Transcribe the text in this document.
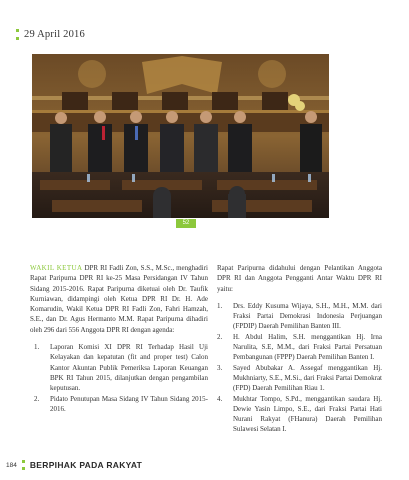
29 April 2016
52

WAKIL KETUA DPR RI Fadli Zon, S.S., M.Sc., menghadiri Rapat Paripurna DPR RI ke-25 Masa Persidangan IV Tahun Sidang 2015-2016. Rapat Paripurna diketuai oleh Dr. Taufik Kurniawan, didampingi oleh Ketua DPR RI Dr. H. Ade Komarudin, Wakil Ketua DPR RI Fadli Zon, Fahri Hamzah, S.E., dan Dr. Agus Hermanto M.M. Rapat Paripurna dihadiri oleh 296 dari 556 Anggota DPR RI dengan agenda:

1.	Laporan Komisi XI DPR RI Terhadap Hasil Uji Kelayakan dan kepatutan (fit and proper test) Calon Kantor Akuntan Publik Pemeriksa Laporan Keuangan BPK RI Tahun 2015, dilanjutkan dengan pengambilan keputusan.
2.	Pidato Penutupan Masa Sidang IV Tahun Sidang 2015-2016.

Rapat Paripurna didahului dengan Pelantikan Anggota DPR RI dan Anggota Pengganti Antar Waktu DPR RI yaitu:

1.	Drs. Eddy Kusuma Wijaya, S.H., M.H., M.M. dari Fraksi Partai Demokrasi Indonesia Perjuangan (FPDIP) Daerah Pemilihan Banten III.
2.	H. Abdul Halim, S.H. menggantikan Hj. Irna Narulita, S.E, M.M., dari Fraksi Partai Persatuan Pembangunan (FPPP) Daerah Pemilihan Banten I.
3.	Sayed Abubakar A. Assegaf menggantikan Hj. Mukhniarty, S.E., M.Si., dari Fraksi Partai Demokrat (FPD) Daerah Pemilihan Riau 1.
4.	Mukhtar Tompo, S.Pd., menggantikan saudara Hj. Dewie Yasin Limpo, S.E., dari Fraksi Partai Hati Nurani Rakyat (FHanura) Daerah Pemilihan Sulawesi Selatan I.
184 BERPIHAK PADA RAKYAT
